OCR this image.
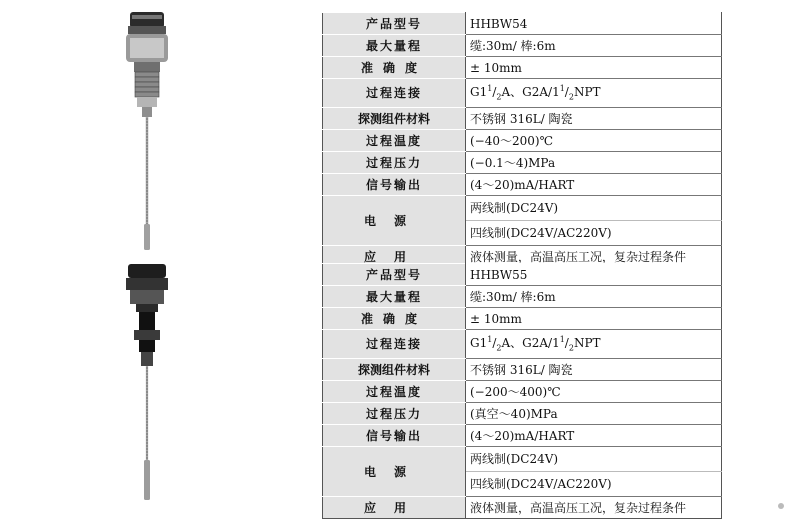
产品型号	HHBW54
最大量程	缆:30m/ 棒:6m
准确度	± 10mm
过程连接	$G1^1/_2A$、$G2A/1^1/_2NPT$
探测组件材料	不锈钢 316L/ 陶瓷
过程温度	(−40～200)℃
过程压力	(−0.1～4)MPa
信号输出	(4～20)mA/HART
电源	两线制(DC24V)
	四线制(DC24V/AC220V)
应用	液体测量，高温高压工况，复杂过程条件
产品型号	HHBW55
最大量程	缆:30m/ 棒:6m
准确度	± 10mm
过程连接	$G1^1/_2A$、$G2A/1^1/_2NPT$
探测组件材料	不锈钢 316L/ 陶瓷
过程温度	(−200～400)℃
过程压力	(真空～40)MPa
信号输出	(4～20)mA/HART
电源	两线制(DC24V)
	四线制(DC24V/AC220V)
应用	液体测量，高温高压工况，复杂过程条件
